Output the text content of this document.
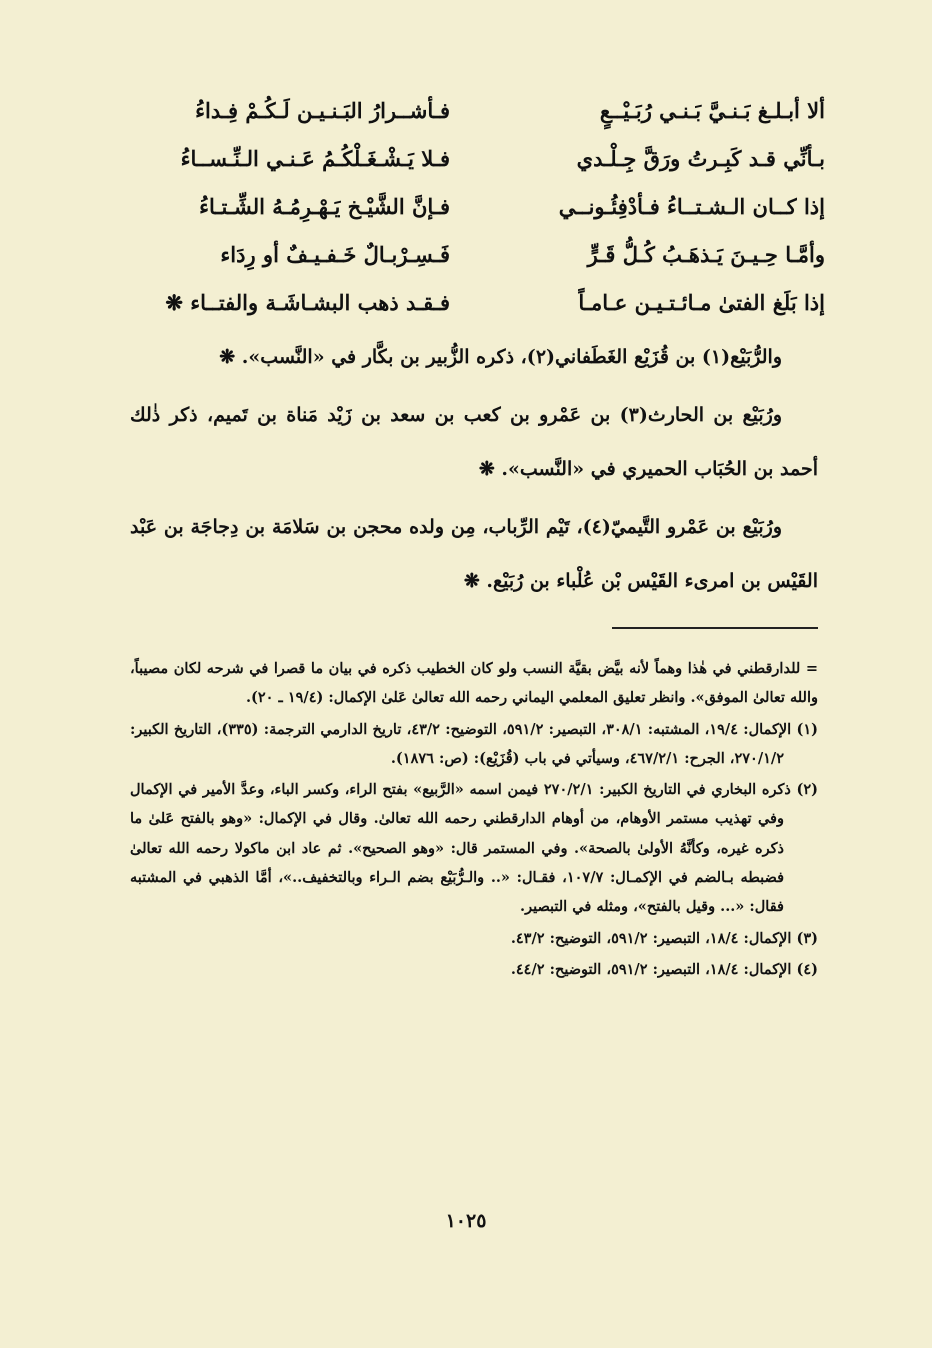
ألا أبـلـغ بَـنـيَّ بَـنـي رُبَـيْــعٍ
فـأشــرارُ البَـنـيـن لَـكُـمْ فِـداءُ
بـأنِّي قـد كَبِـرتُ ورَقَّ جِـلْـدي
فـلا يَـشْـغَـلْكُـمُ عَـنـي الـنِّـســاءُ
إذا كــان الـشـتــاءُ فـأدْفِئُـونــي
فـإنَّ الشَّيْـخ يَـهْـرِمُـهُ الشِّـتـاءُ
وأمَّـا حِـيـنَ يَـذهَـبُ كُـلُّ قَـرٍّ
فَـسِـرْبـالٌ خَـفـيـفٌ أو رِدَاء
إذا بَلَغ الفتىٰ مـائـتـيـن عـامـاً
فـقـد ذهب البشـاشَـة والفتــاء ❋

والرُّبَيْع(١) بن قُزَيْع الغَطَفاني(٢)، ذكره الزُّبير بن بكَّار في «النَّسب». ❋

ورُبَيْع بن الحارث(٣) بن عَمْرو بن كعب بن سعد بن زَيْد مَناة بن تَميم، ذكر ذٰلك أحمد بن الحُبَاب الحميري في «النَّسب». ❋

ورُبَيْع بن عَمْرو التَّيميّ(٤)، تَيْم الرِّباب، مِن ولده محجن بن سَلامَة بن دِجاجَة بن عَبْد القَيْس بن امرىء القَيْس بْن عُلْباء بن رُبَيْع. ❋

= للدارقطني في هٰذا وهماً لأنه بيَّض بقيَّة النسب ولو كان الخطيب ذكره في بيان ما قصرا في شرحه لكان مصيباً، والله تعالىٰ الموفق». وانظر تعليق المعلمي اليماني رحمه الله تعالىٰ عَلىٰ الإكمال: (١٩/٤ ـ ٢٠).
(١) الإكمال: ١٩/٤، المشتبه: ٣٠٨/١، التبصير: ٥٩١/٢، التوضيح: ٤٣/٢، تاريخ الدارمي الترجمة: (٣٣٥)، التاريخ الكبير: ٢٧٠/١/٢، الجرح: ٤٦٧/٢/١، وسيأتي في باب (قُزَيْع): (ص: ١٨٧٦).
(٢) ذكره البخاري في التاريخ الكبير: ٢٧٠/٢/١ فيمن اسمه «الرَّبيع» بفتح الراء، وكسر الباء، وعدَّ الأمير في الإكمال وفي تهذيب مستمر الأوهام، من أوهام الدارقطني رحمه الله تعالىٰ. وقال في الإكمال: «وهو بالفتح عَلىٰ ما ذكره غيره، وكأنَّهُ الأولىٰ بالصحة». وفي المستمر قال: «وهو الصحيح». ثم عاد ابن ماكولا رحمه الله تعالىٰ فضبطه بـالضم في الإكمـال: ١٠٧/٧، فقـال: «.. والـرُّبَيْع بضم الـراء وبالتخفيف..»، أمَّا الذهبي في المشتبه فقال: «... وقيل بالفتح»، ومثله في التبصير.
(٣) الإكمال: ١٨/٤، التبصير: ٥٩١/٢، التوضيح: ٤٣/٢.
(٤) الإكمال: ١٨/٤، التبصير: ٥٩١/٢، التوضيح: ٤٤/٢.
١٠٢٥
